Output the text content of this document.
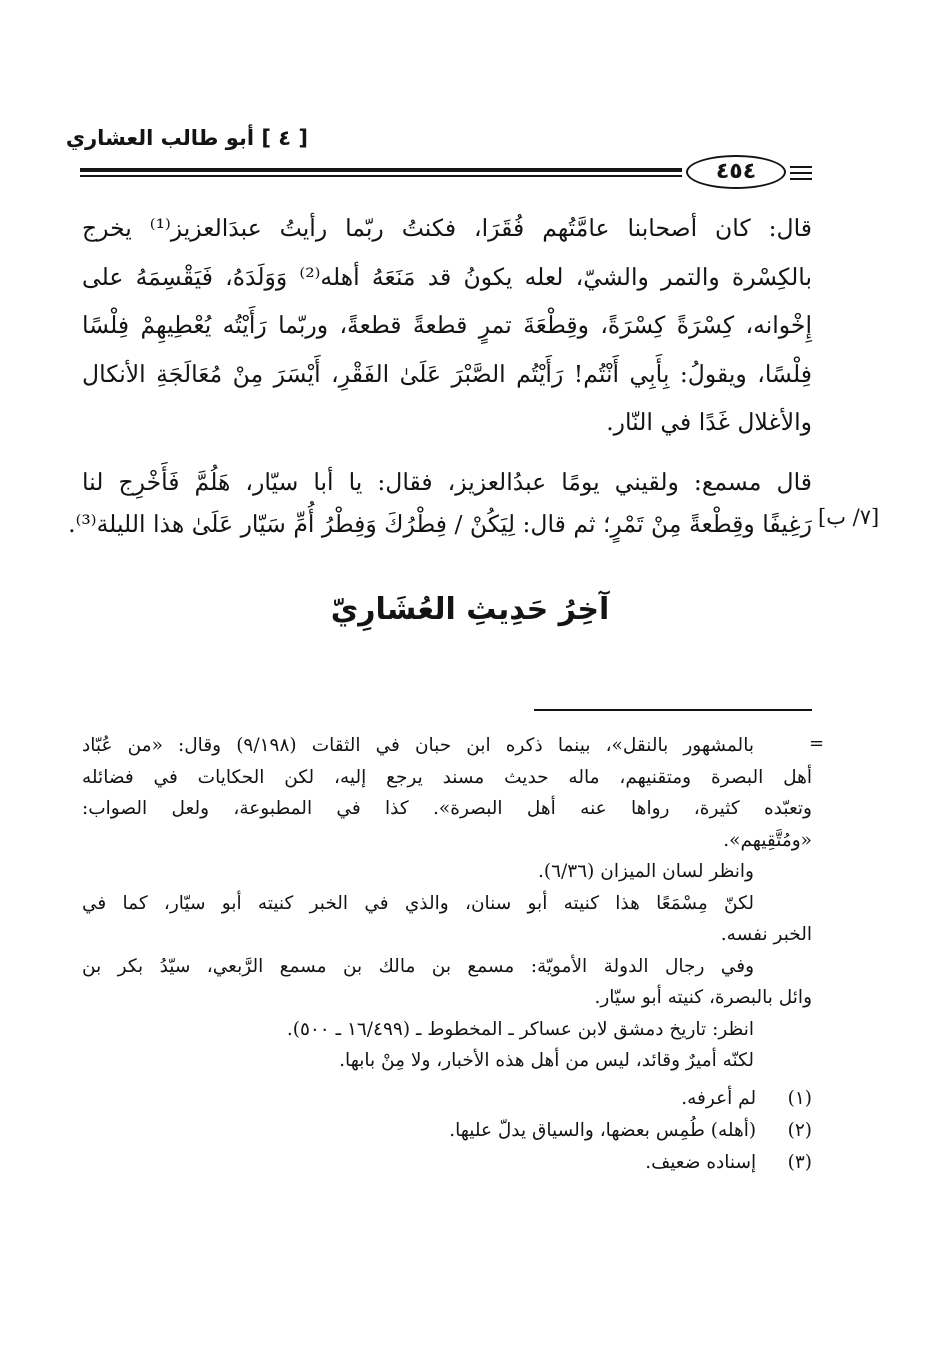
[ ٤ ] أبو طالب العشاري
٤٥٤
قال: كان أصحابنا عامَّتُهم فُقَرَا، فكنتُ ربّما رأيتُ عبدَالعزيز⁽¹⁾ يخرج
بالكِسْرة والتمر والشيّ، لعله يكونُ قد مَنَعَهُ أهله⁽²⁾ وَوَلَدَهُ، فَيَقْسِمَهُ على
إِخْوانه، كِسْرَةً كِسْرَةً، وقِطْعَةَ تمرٍ قطعةً قطعةً، وربّما رَأَيْتُه يُعْطِيهِمْ فِلْسًا
فِلْسًا، ويقولُ: بِأَبِي أَنْتُم! رَأَيْتُم الصَّبْرَ عَلَىٰ الفَقْرِ، أَيْسَرَ مِنْ مُعَالَجَةِ الأنكال
والأغلال غَدًا في النّار.
قال مسمع: ولقيني يومًا عبدُالعزيز، فقال: يا أبا سيّار، هَلُمَّ فَأَخْرِج لنا
رَغِيفًا وقِطْعةً مِنْ تَمْرٍ؛ ثم قال: لِيَكُنْ / فِطْرُكَ وَفِطْرُ أُمِّ سَيّار عَلَىٰ هذا الليلة⁽³⁾. [٧/ ب]
آخِرُ حَدِيثِ العُشَارِيّ
=
بالمشهور بالنقل»، بينما ذكره ابن حبان في الثقات (٩/١٩٨) وقال: «من عُبّاد
أهل البصرة ومتقنيهم، ماله حديث مسند يرجع إليه، لكن الحكايات في فضائله
وتعبّده كثيرة، رواها عنه أهل البصرة». كذا في المطبوعة، ولعل الصواب:
«ومُتَّقِيهم».
وانظر لسان الميزان (٦/٣٦).
لكنّ مِسْمَعًا هذا كنيته أبو سنان، والذي في الخبر كنيته أبو سيّار، كما في
الخبر نفسه.
وفي رجال الدولة الأمويّة: مسمع بن مالك بن مسمع الرَّبعي، سيّدُ بكر بن
وائل بالبصرة، كنيته أبو سيّار.
انظر: تاريخ دمشق لابن عساكر ـ المخطوط ـ (١٦/٤٩٩ ـ ٥٠٠).
لكنّه أميرٌ وقائد، ليس من أهل هذه الأخبار، ولا مِنْ بابها.
(١) لم أعرفه.
(٢) (أهله) طُمِس بعضها، والسياق يدلّ عليها.
(٣) إسناده ضعيف.
